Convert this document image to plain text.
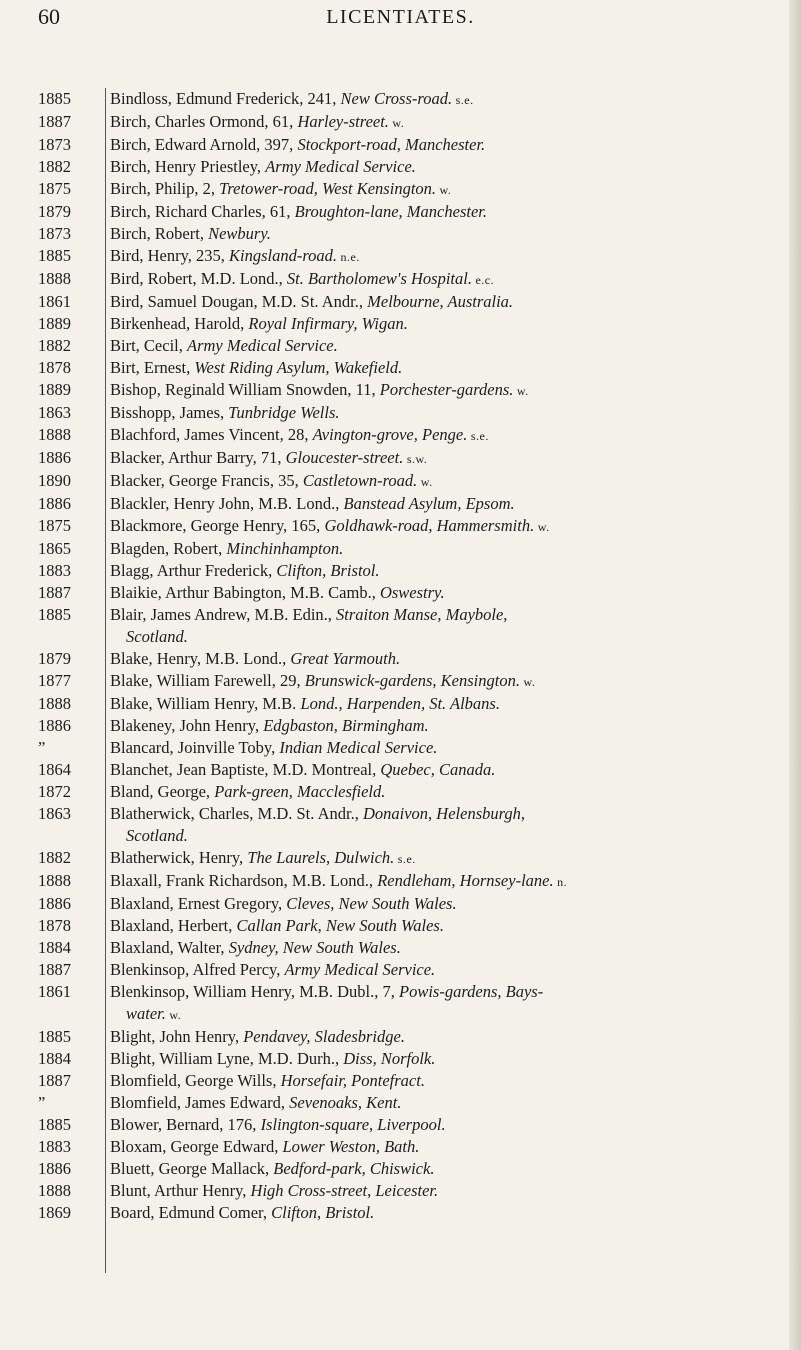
60	LICENTIATES.
1885	Bindloss, Edmund Frederick, 241, New Cross-road. s.e.
1887	Birch, Charles Ormond, 61, Harley-street. w.
1873	Birch, Edward Arnold, 397, Stockport-road, Manchester.
1882	Birch, Henry Priestley, Army Medical Service.
1875	Birch, Philip, 2, Tretower-road, West Kensington. w.
1879	Birch, Richard Charles, 61, Broughton-lane, Manchester.
1873	Birch, Robert, Newbury.
1885	Bird, Henry, 235, Kingsland-road. n.e.
1888	Bird, Robert, M.D. Lond., St. Bartholomew's Hospital. e.c.
1861	Bird, Samuel Dougan, M.D. St. Andr., Melbourne, Australia.
1889	Birkenhead, Harold, Royal Infirmary, Wigan.
1882	Birt, Cecil, Army Medical Service.
1878	Birt, Ernest, West Riding Asylum, Wakefield.
1889	Bishop, Reginald William Snowden, 11, Porchester-gardens. w.
1863	Bisshopp, James, Tunbridge Wells.
1888	Blachford, James Vincent, 28, Avington-grove, Penge. s.e.
1886	Blacker, Arthur Barry, 71, Gloucester-street. s.w.
1890	Blacker, George Francis, 35, Castletown-road. w.
1886	Blackler, Henry John, M.B. Lond., Banstead Asylum, Epsom.
1875	Blackmore, George Henry, 165, Goldhawk-road, Hammersmith. w.
1865	Blagden, Robert, Minchinhampton.
1883	Blagg, Arthur Frederick, Clifton, Bristol.
1887	Blaikie, Arthur Babington, M.B. Camb., Oswestry.
1885	Blair, James Andrew, M.B. Edin., Straiton Manse, Maybole,
Scotland.
1879	Blake, Henry, M.B. Lond., Great Yarmouth.
1877	Blake, William Farewell, 29, Brunswick-gardens, Kensington. w.
1888	Blake, William Henry, M.B. Lond., Harpenden, St. Albans.
1886	Blakeney, John Henry, Edgbaston, Birmingham.
”	Blancard, Joinville Toby, Indian Medical Service.
1864	Blanchet, Jean Baptiste, M.D. Montreal, Quebec, Canada.
1872	Bland, George, Park-green, Macclesfield.
1863	Blatherwick, Charles, M.D. St. Andr., Donaivon, Helensburgh,
Scotland.
1882	Blatherwick, Henry, The Laurels, Dulwich. s.e.
1888	Blaxall, Frank Richardson, M.B. Lond., Rendleham, Hornsey-lane. n.
1886	Blaxland, Ernest Gregory, Cleves, New South Wales.
1878	Blaxland, Herbert, Callan Park, New South Wales.
1884	Blaxland, Walter, Sydney, New South Wales.
1887	Blenkinsop, Alfred Percy, Army Medical Service.
1861	Blenkinsop, William Henry, M.B. Dubl., 7, Powis-gardens, Bays-
water. w.
1885	Blight, John Henry, Pendavey, Sladesbridge.
1884	Blight, William Lyne, M.D. Durh., Diss, Norfolk.
1887	Blomfield, George Wills, Horsefair, Pontefract.
”	Blomfield, James Edward, Sevenoaks, Kent.
1885	Blower, Bernard, 176, Islington-square, Liverpool.
1883	Bloxam, George Edward, Lower Weston, Bath.
1886	Bluett, George Mallack, Bedford-park, Chiswick.
1888	Blunt, Arthur Henry, High Cross-street, Leicester.
1869	Board, Edmund Comer, Clifton, Bristol.
